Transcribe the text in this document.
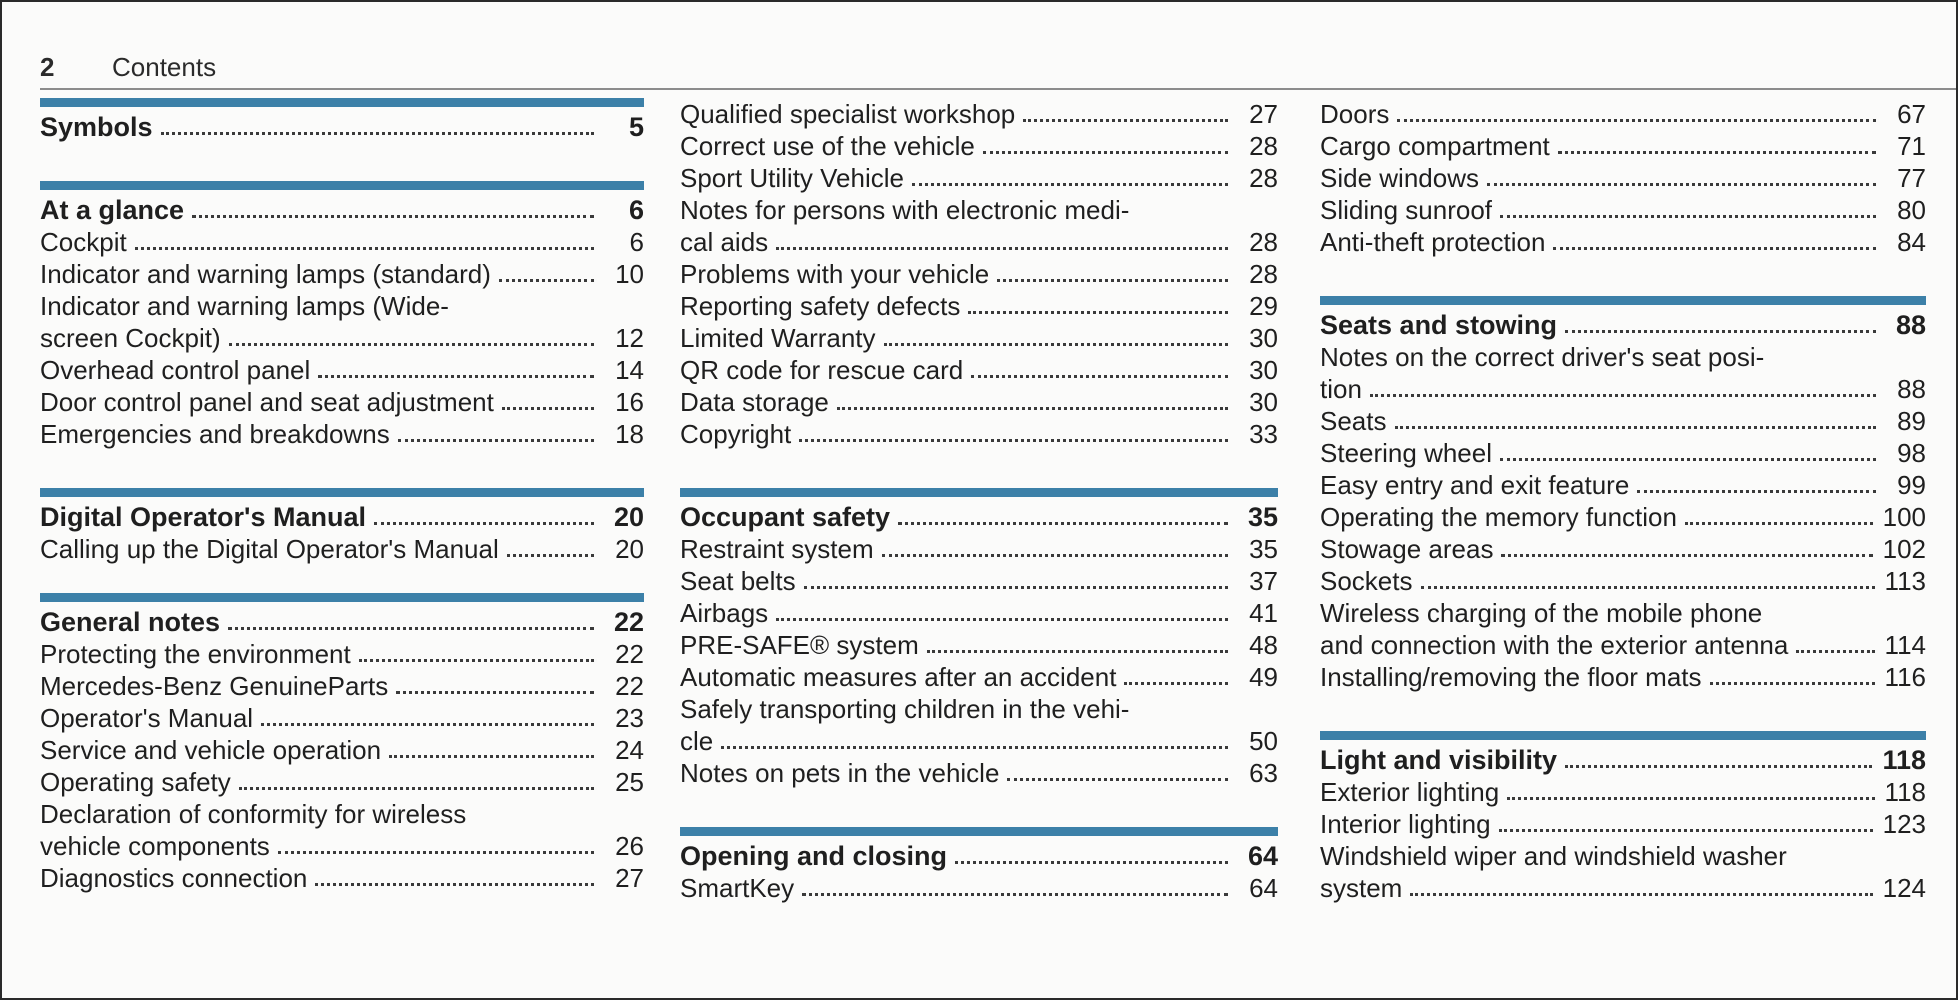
2	Contents
Symbols	5
At a glance	6
Cockpit	6
Indicator and warning lamps (standard)	10
Indicator and warning lamps (Wide-
screen Cockpit)	12
Overhead control panel	14
Door control panel and seat adjustment	16
Emergencies and breakdowns	18
Digital Operator's Manual	20
Calling up the Digital Operator's Manual	20
General notes	22
Protecting the environment	22
Mercedes-Benz GenuineParts	22
Operator's Manual	23
Service and vehicle operation	24
Operating safety	25
Declaration of conformity for wireless
vehicle components	26
Diagnostics connection	27
Qualified specialist workshop	27
Correct use of the vehicle	28
Sport Utility Vehicle	28
Notes for persons with electronic medi-
cal aids	28
Problems with your vehicle	28
Reporting safety defects	29
Limited Warranty	30
QR code for rescue card	30
Data storage	30
Copyright	33
Occupant safety	35
Restraint system	35
Seat belts	37
Airbags	41
PRE-SAFE® system	48
Automatic measures after an accident	49
Safely transporting children in the vehi-
cle	50
Notes on pets in the vehicle	63
Opening and closing	64
SmartKey	64
Doors	67
Cargo compartment	71
Side windows	77
Sliding sunroof	80
Anti-theft protection	84
Seats and stowing	88
Notes on the correct driver's seat posi-
tion	88
Seats	89
Steering wheel	98
Easy entry and exit feature	99
Operating the memory function	100
Stowage areas	102
Sockets	113
Wireless charging of the mobile phone
and connection with the exterior antenna	114
Installing/removing the floor mats	116
Light and visibility	118
Exterior lighting	118
Interior lighting	123
Windshield wiper and windshield washer
system	124
